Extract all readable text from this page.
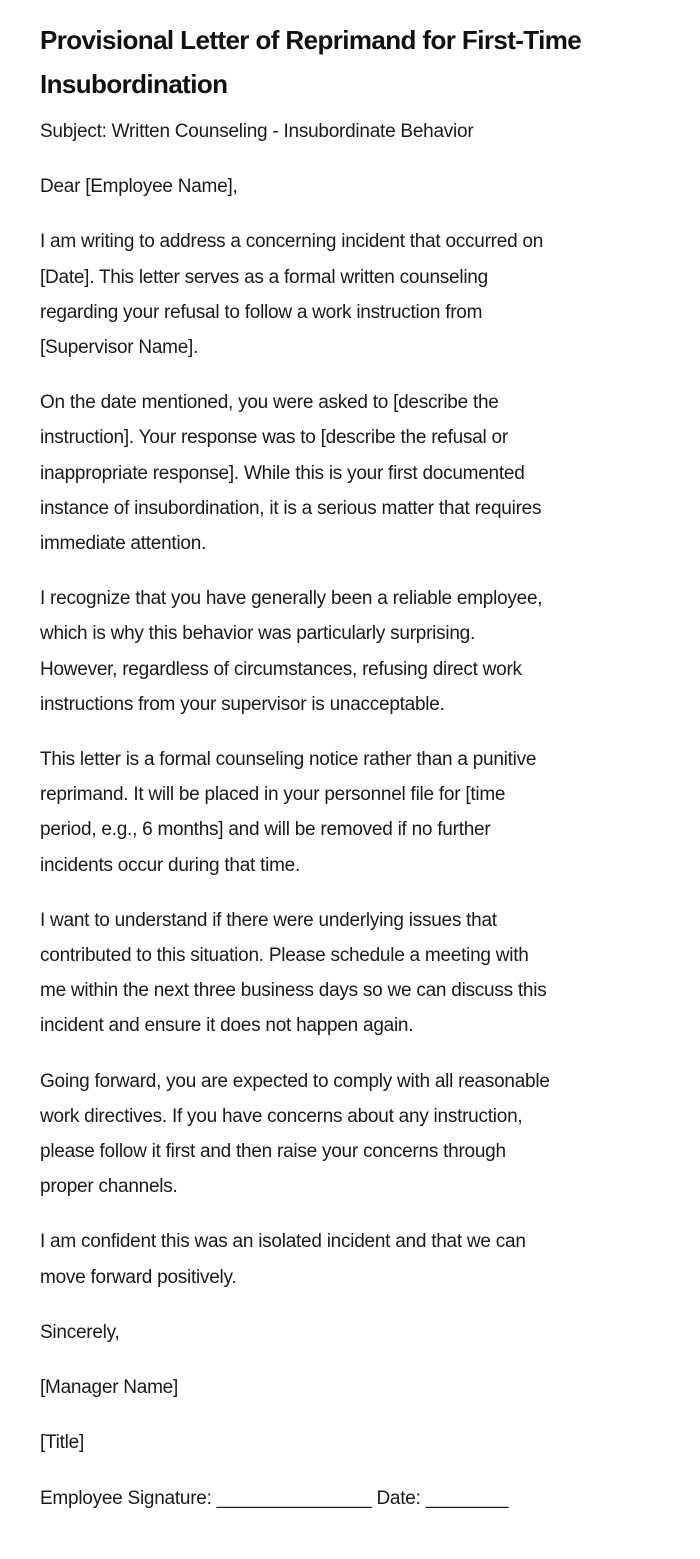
Provisional Letter of Reprimand for First-Time
Insubordination

Subject: Written Counseling - Insubordinate Behavior

Dear [Employee Name],

I am writing to address a concerning incident that occurred on
[Date]. This letter serves as a formal written counseling
regarding your refusal to follow a work instruction from
[Supervisor Name].

On the date mentioned, you were asked to [describe the
instruction]. Your response was to [describe the refusal or
inappropriate response]. While this is your first documented
instance of insubordination, it is a serious matter that requires
immediate attention.

I recognize that you have generally been a reliable employee,
which is why this behavior was particularly surprising.
However, regardless of circumstances, refusing direct work
instructions from your supervisor is unacceptable.

This letter is a formal counseling notice rather than a punitive
reprimand. It will be placed in your personnel file for [time
period, e.g., 6 months] and will be removed if no further
incidents occur during that time.

I want to understand if there were underlying issues that
contributed to this situation. Please schedule a meeting with
me within the next three business days so we can discuss this
incident and ensure it does not happen again.

Going forward, you are expected to comply with all reasonable
work directives. If you have concerns about any instruction,
please follow it first and then raise your concerns through
proper channels.

I am confident this was an isolated incident and that we can
move forward positively.

Sincerely,

[Manager Name]

[Title]

Employee Signature: _______________ Date: ________
